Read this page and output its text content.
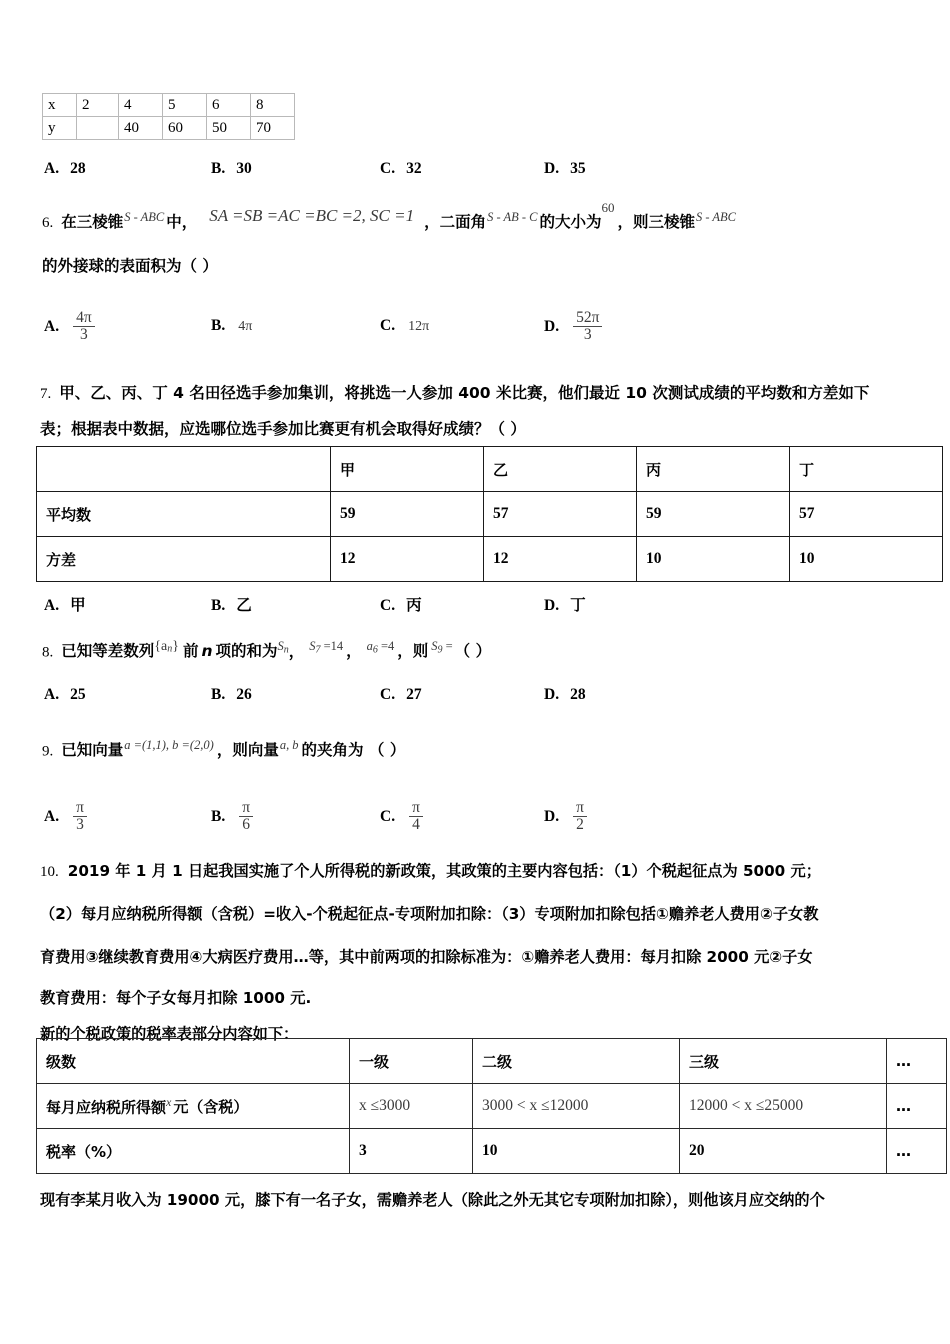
x	2	4	5	6	8
y		40	60	50	70
A. 28	B. 30	C. 32	D. 35
6. 在三棱锥$^{S - ABC}$ 中， SA =SB =AC =BC =2, SC =1 ，二面角$^{S - AB - C}$ 的大小为$^{60}$，则三棱锥$^{S - ABC}$
的外接球的表面积为（ ）
A. $\frac{4\pi}{3}$	B. 4π	C. 12π	D. $\frac{52\pi}{3}$
7. 甲、乙、丙、丁 4 名田径选手参加集训，将挑选一人参加 400 米比赛，他们最近 10 次测试成绩的平均数和方差如下
表；根据表中数据，应选哪位选手参加比赛更有机会取得好成绩？（ ）
	甲	乙	丙	丁
平均数	59	57	59	57
方差	12	12	10	10
A. 甲	B. 乙	C. 丙	D. 丁
8. 已知等差数列$\{a^n\}$ 前 n 项的和为$^{Sn}$， $^{S7}$ $^{=14}$ ， $^{a6}$ $^{=4}$ ，则 $^{S9}$ = （ ）
A. 25	B. 26	C. 27	D. 28
9. 已知向量$^{a =(1,1), b =(2,0)}$ ，则向量$^{a, b}$ 的夹角为 （ ）
A. $\frac{\pi}{3}$	B. $\frac{\pi}{6}$	C. $\frac{\pi}{4}$	D. $\frac{\pi}{2}$
10. 2019 年 1 月 1 日起我国实施了个人所得税的新政策，其政策的主要内容包括：（1）个税起征点为 5000 元；
（2）每月应纳税所得额（含税）=收入-个税起征点-专项附加扣除：（3）专项附加扣除包括①赡养老人费用②子女教
育费用③继续教育费用④大病医疗费用…等，其中前两项的扣除标准为：①赡养老人费用：每月扣除 2000 元②子女
教育费用：每个子女每月扣除 1000 元.
新的个税政策的税率表部分内容如下：
级数	一级	二级	三级	…
每月应纳税所得额$^x$ 元（含税）	x ≤3000	3000 < x ≤12000	12000 < x ≤25000	…
税率（%）	3	10	20	…
现有李某月收入为 19000 元，膝下有一名子女，需赡养老人（除此之外无其它专项附加扣除），则他该月应交纳的个
